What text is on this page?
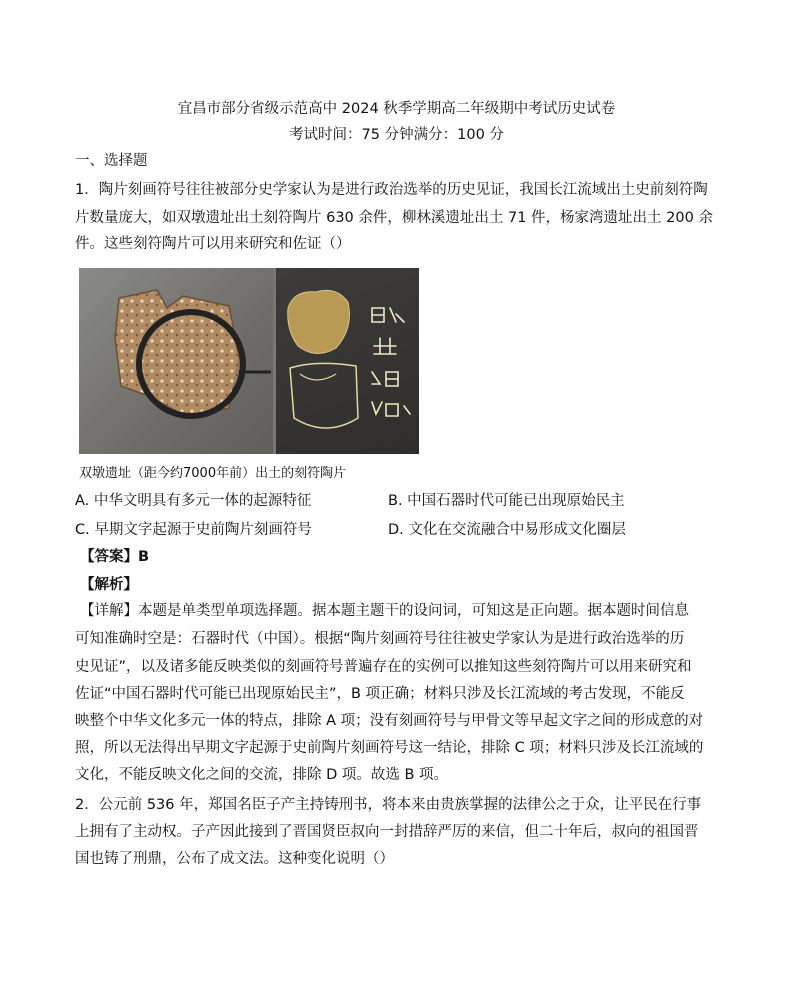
宜昌市部分省级示范高中 2024 秋季学期高二年级期中考试历史试卷
考试时间：75 分钟满分：100 分
一、选择题
1．陶片刻画符号往往被部分史学家认为是进行政治选举的历史见证，我国长江流域出土史前刻符陶
片数量庞大，如双墩遗址出土刻符陶片 630 余件，柳林溪遗址出土 71 件，杨家湾遗址出土 200 余
件。这些刻符陶片可以用来研究和佐证（）
双墩遗址（距今约7000年前）出土的刻符陶片
A. 中华文明具有多元一体的起源特征	B. 中国石器时代可能已出现原始民主
C. 早期文字起源于史前陶片刻画符号	D. 文化在交流融合中易形成文化圈层
【答案】B
【解析】
【详解】本题是单类型单项选择题。据本题主题干的设问词，可知这是正向题。据本题时间信息
可知准确时空是：石器时代（中国）。根据“陶片刻画符号往往被史学家认为是进行政治选举的历
史见证”，以及诸多能反映类似的刻画符号普遍存在的实例可以推知这些刻符陶片可以用来研究和
佐证“中国石器时代可能已出现原始民主”，B 项正确；材料只涉及长江流域的考古发现，不能反
映整个中华文化多元一体的特点，排除 A 项；没有刻画符号与甲骨文等早起文字之间的形成意的对
照，所以无法得出早期文字起源于史前陶片刻画符号这一结论，排除 C 项；材料只涉及长江流域的
文化，不能反映文化之间的交流，排除 D 项。故选 B 项。
2．公元前 536 年，郑国名臣子产主持铸刑书，将本来由贵族掌握的法律公之于众，让平民在行事
上拥有了主动权。子产因此接到了晋国贤臣叔向一封措辞严厉的来信，但二十年后，叔向的祖国晋
国也铸了刑鼎，公布了成文法。这种变化说明（）
